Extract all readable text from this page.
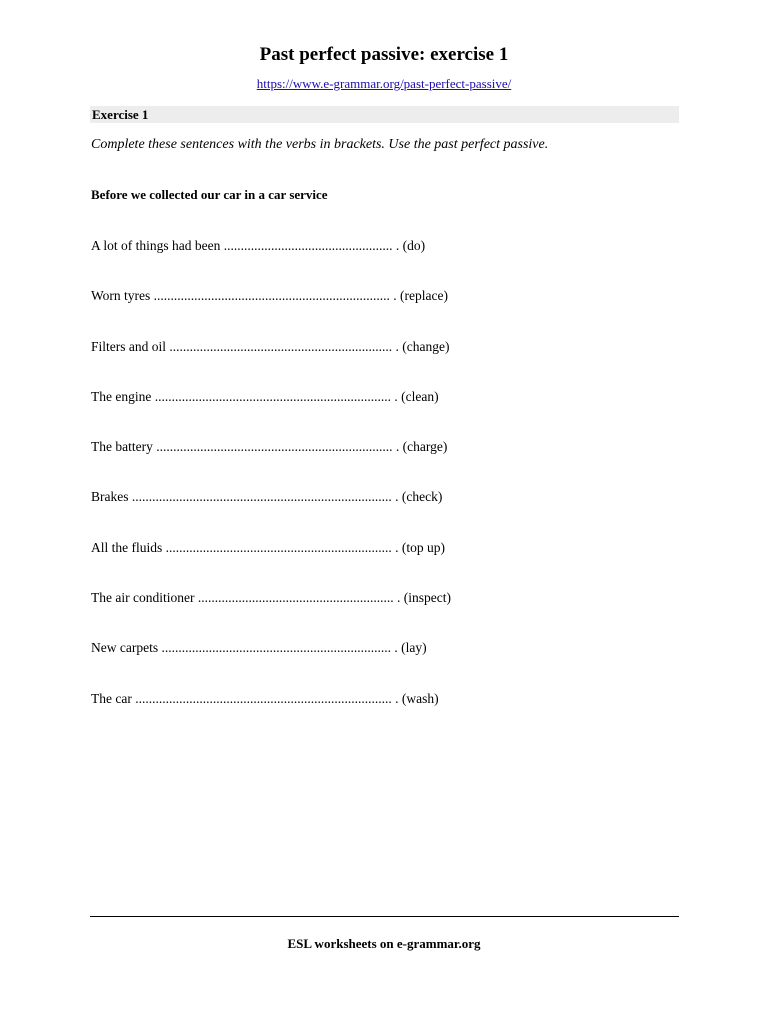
Past perfect passive: exercise 1
https://www.e-grammar.org/past-perfect-passive/
Exercise 1
Complete these sentences with the verbs in brackets. Use the past perfect passive.
Before we collected our car in a car service
A lot of things had been .................................................. . (do)
Worn tyres ...................................................................... . (replace)
Filters and oil .................................................................. . (change)
The engine ...................................................................... . (clean)
The battery ...................................................................... . (charge)
Brakes ............................................................................. . (check)
All the fluids ................................................................... . (top up)
The air conditioner .......................................................... . (inspect)
New carpets .................................................................... . (lay)
The car ............................................................................ . (wash)
ESL worksheets on e-grammar.org
